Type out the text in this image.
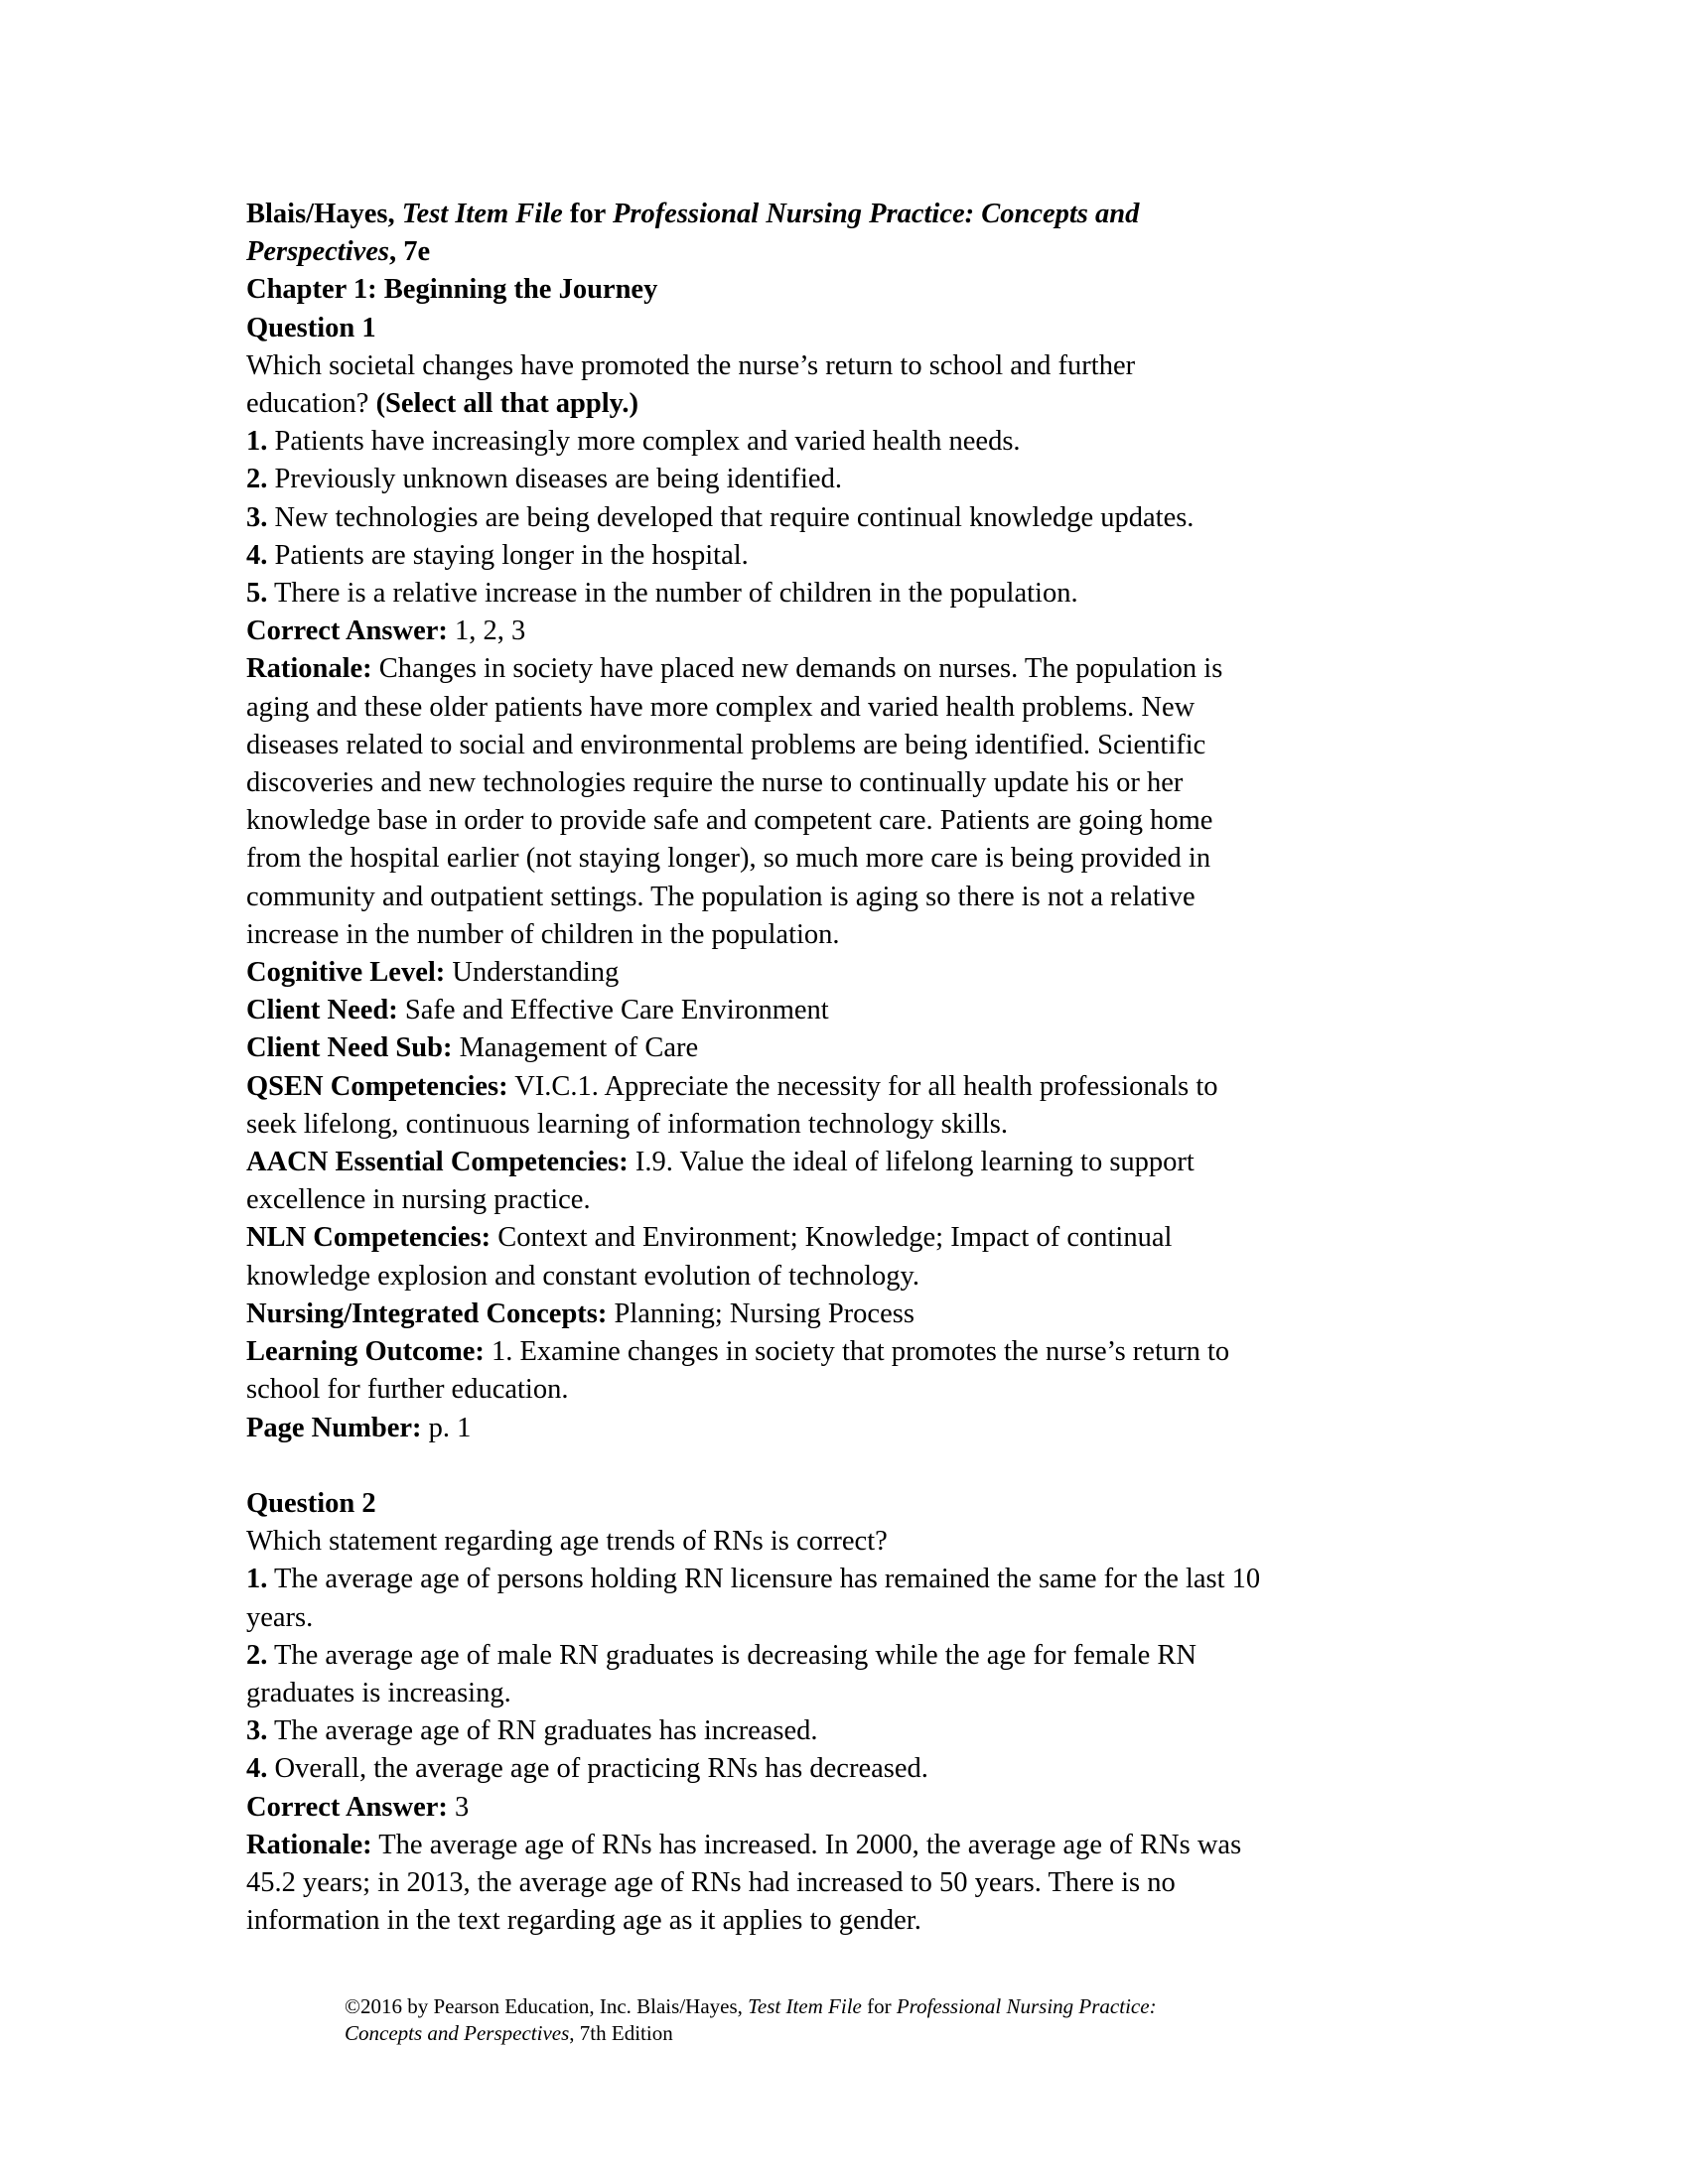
Blais/Hayes, Test Item File for Professional Nursing Practice: Concepts and
Perspectives, 7e
Chapter 1: Beginning the Journey
Question 1
Which societal changes have promoted the nurse’s return to school and further
education? (Select all that apply.)
1. Patients have increasingly more complex and varied health needs.
2. Previously unknown diseases are being identified.
3. New technologies are being developed that require continual knowledge updates.
4. Patients are staying longer in the hospital.
5. There is a relative increase in the number of children in the population.
Correct Answer: 1, 2, 3
Rationale: Changes in society have placed new demands on nurses. The population is
aging and these older patients have more complex and varied health problems. New
diseases related to social and environmental problems are being identified. Scientific
discoveries and new technologies require the nurse to continually update his or her
knowledge base in order to provide safe and competent care. Patients are going home
from the hospital earlier (not staying longer), so much more care is being provided in
community and outpatient settings. The population is aging so there is not a relative
increase in the number of children in the population.
Cognitive Level: Understanding
Client Need: Safe and Effective Care Environment
Client Need Sub: Management of Care
QSEN Competencies: VI.C.1. Appreciate the necessity for all health professionals to
seek lifelong, continuous learning of information technology skills.
AACN Essential Competencies: I.9. Value the ideal of lifelong learning to support
excellence in nursing practice.
NLN Competencies: Context and Environment; Knowledge; Impact of continual
knowledge explosion and constant evolution of technology.
Nursing/Integrated Concepts: Planning; Nursing Process
Learning Outcome: 1. Examine changes in society that promotes the nurse’s return to
school for further education.
Page Number: p. 1
Question 2
Which statement regarding age trends of RNs is correct?
1. The average age of persons holding RN licensure has remained the same for the last 10
years.
2. The average age of male RN graduates is decreasing while the age for female RN
graduates is increasing.
3. The average age of RN graduates has increased.
4. Overall, the average age of practicing RNs has decreased.
Correct Answer: 3
Rationale: The average age of RNs has increased. In 2000, the average age of RNs was
45.2 years; in 2013, the average age of RNs had increased to 50 years. There is no
information in the text regarding age as it applies to gender.
©2016 by Pearson Education, Inc. Blais/Hayes, Test Item File for Professional Nursing Practice:
Concepts and Perspectives, 7th Edition
